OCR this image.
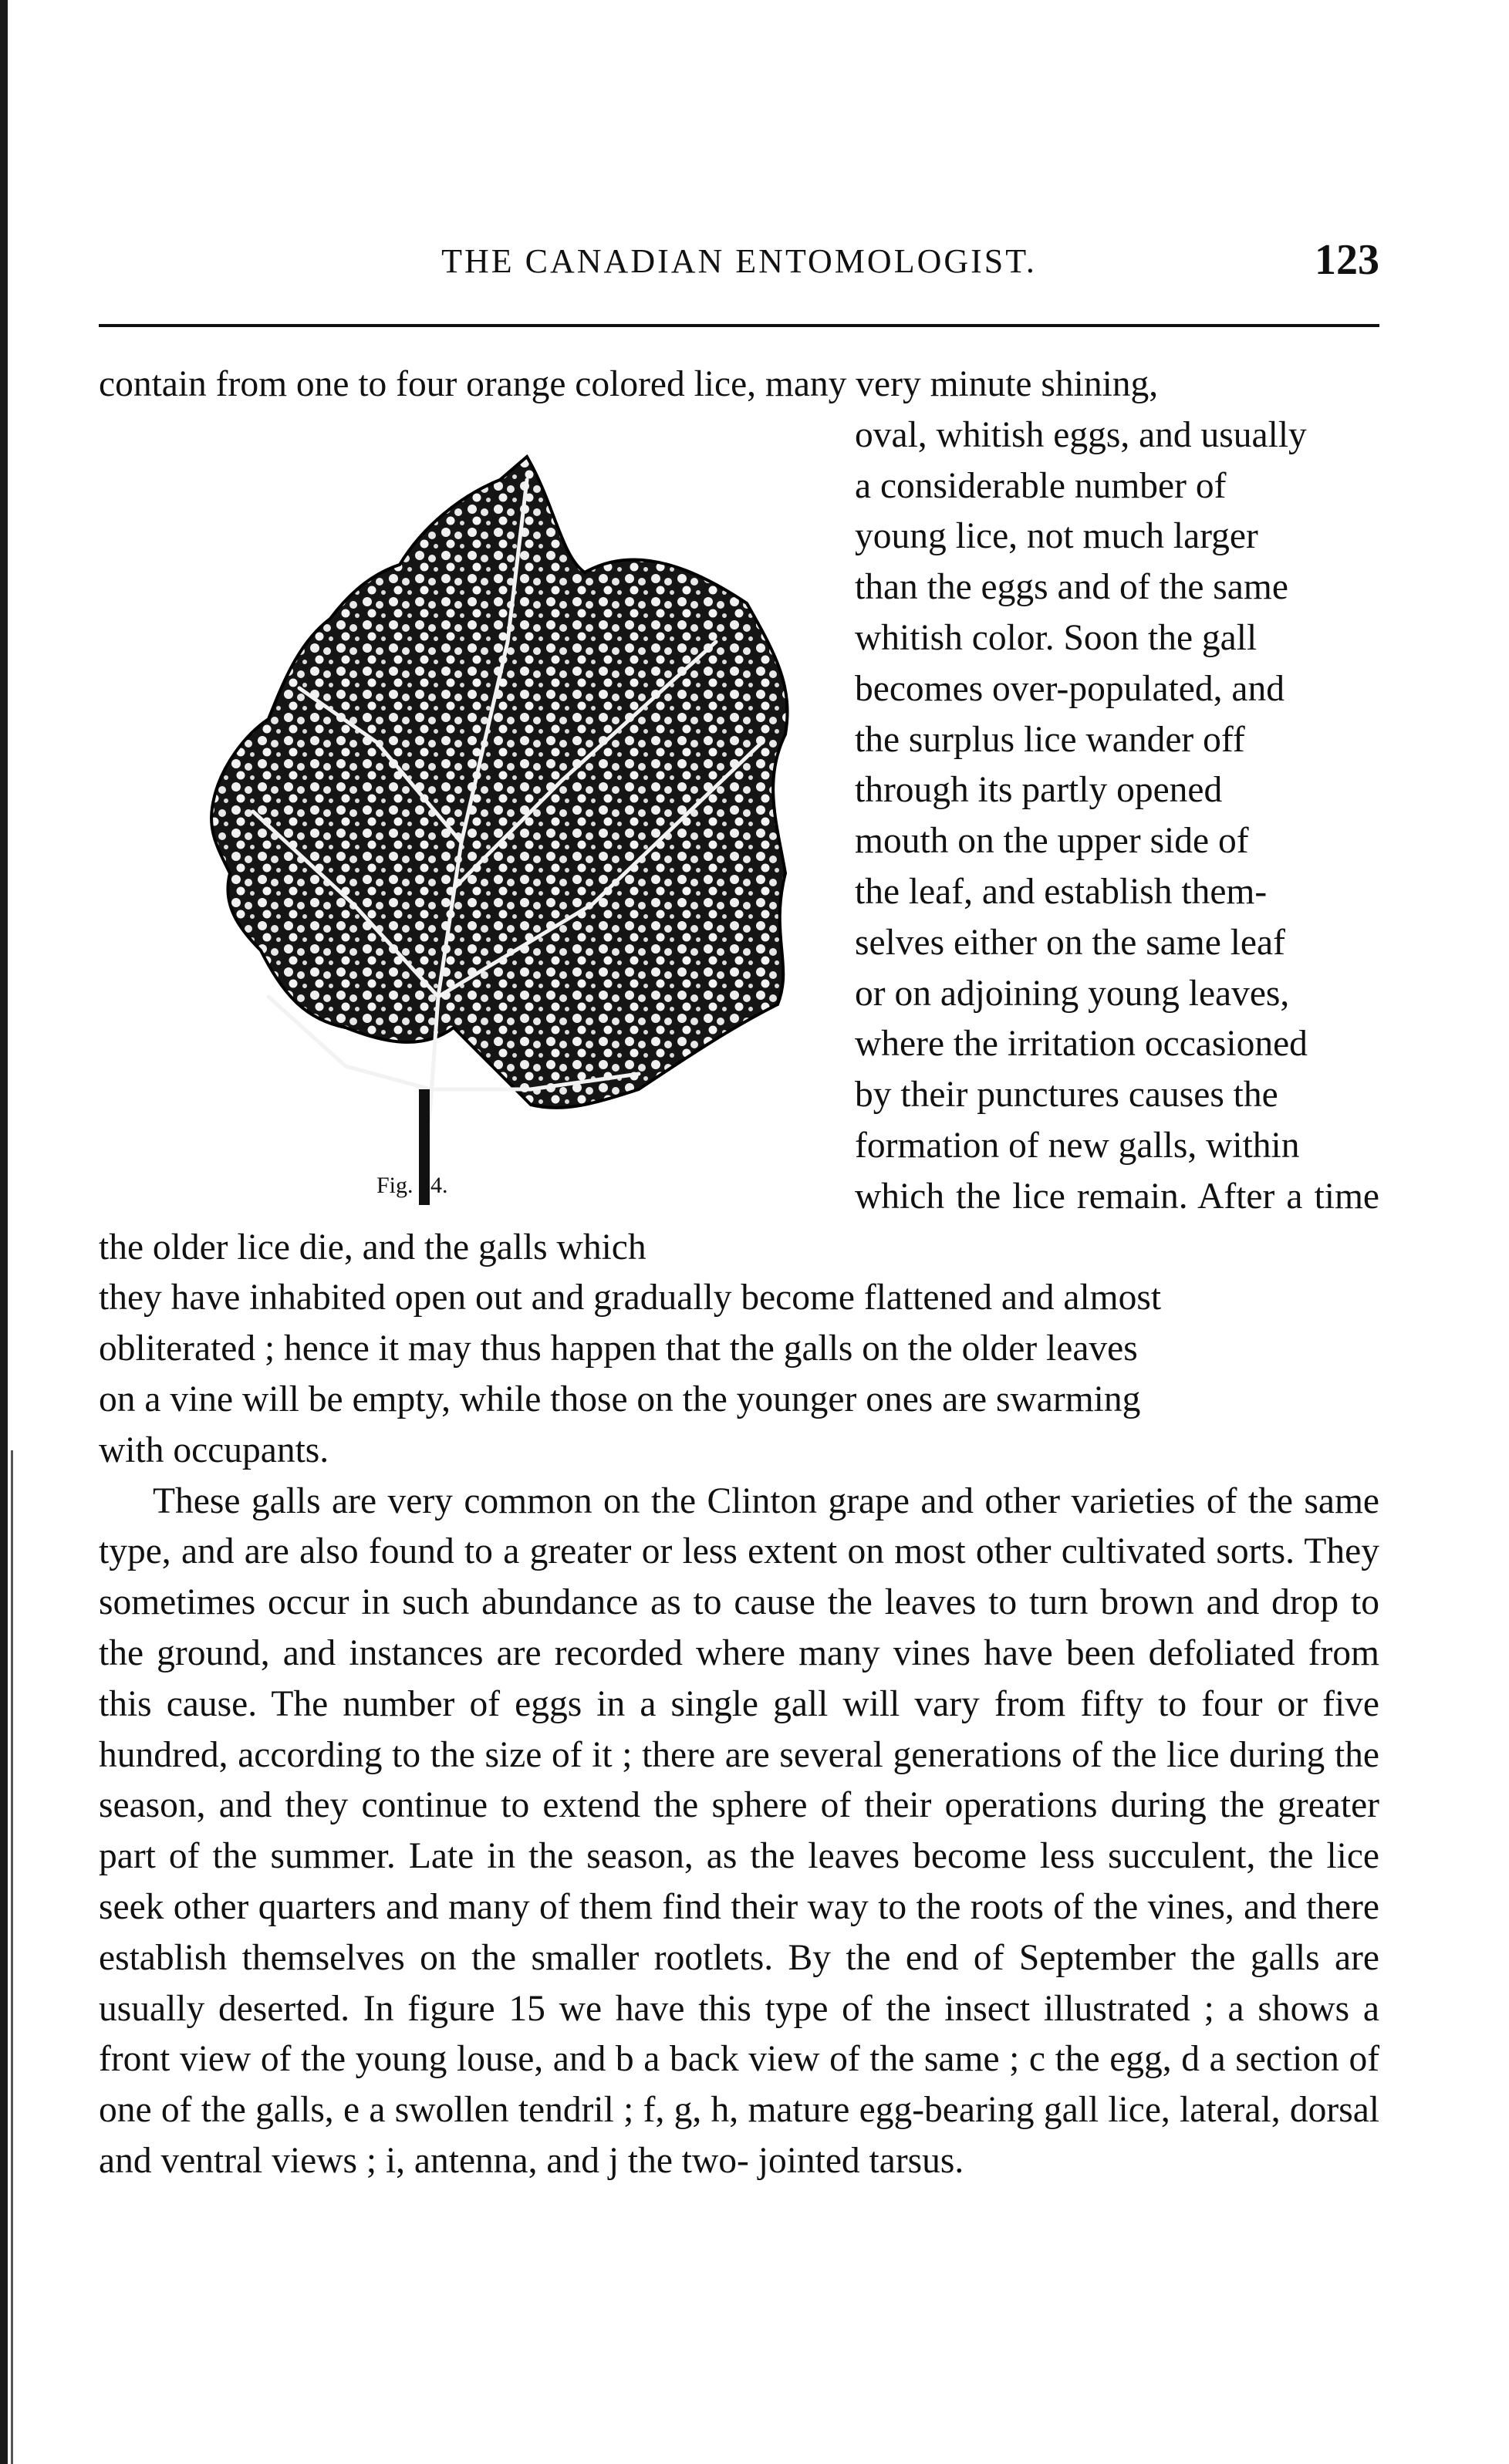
THE CANADIAN ENTOMOLOGIST.	123

contain from one to four orange colored lice, many very minute shining,

Fig. 14.
oval, whitish eggs, and usually
a considerable number of
young lice, not much larger
than the eggs and of the same
whitish color. Soon the gall
becomes over-populated, and
the surplus lice wander off
through its partly opened
mouth on the upper side of
the leaf, and establish them-
selves either on the same leaf
or on adjoining young leaves,
where the irritation occasioned
by their punctures causes the
formation of new galls, within
which the lice remain. After a time the older lice die, and the galls which
they have inhabited open out and gradually become flattened and almost
obliterated ; hence it may thus happen that the galls on the older leaves
on a vine will be empty, while those on the younger ones are swarming
with occupants.

These galls are very common on the Clinton grape and other varieties of the same type, and are also found to a greater or less extent on most other cultivated sorts. They sometimes occur in such abundance as to cause the leaves to turn brown and drop to the ground, and instances are recorded where many vines have been defoliated from this cause. The number of eggs in a single gall will vary from fifty to four or five hundred, according to the size of it ; there are several generations of the lice during the season, and they continue to extend the sphere of their operations during the greater part of the summer. Late in the season, as the leaves become less succulent, the lice seek other quarters and many of them find their way to the roots of the vines, and there establish themselves on the smaller rootlets. By the end of September the galls are usually deserted. In figure 15 we have this type of the insect illustrated ; a shows a front view of the young louse, and b a back view of the same ; c the egg, d a section of one of the galls, e a swollen tendril ; f, g, h, mature egg-bearing gall lice, lateral, dorsal and ventral views ; i, antenna, and j the two- jointed tarsus.
